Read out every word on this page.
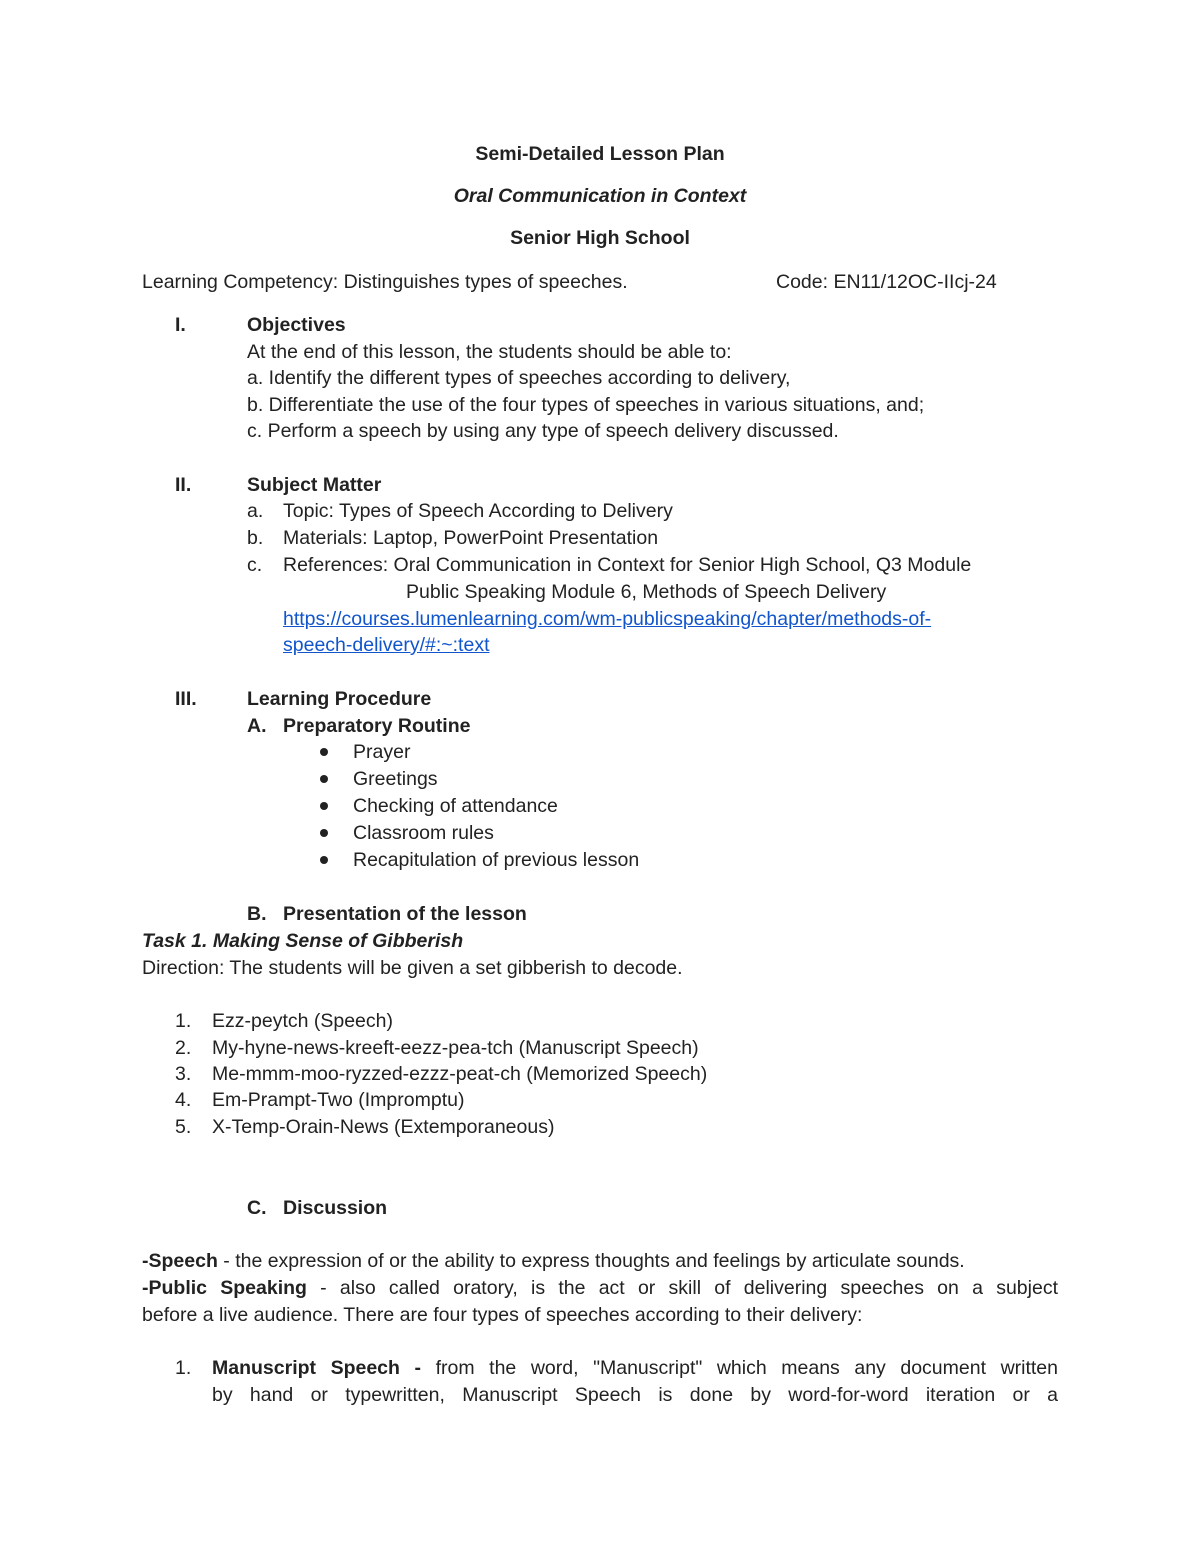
Semi-Detailed Lesson Plan
Oral Communication in Context
Senior High School
Learning Competency: Distinguishes types of speeches.	Code: EN11/12OC-IIcj-24
I.	Objectives
At the end of this lesson, the students should be able to:
a. Identify the different types of speeches according to delivery,
b. Differentiate the use of the four types of speeches in various situations, and;
c. Perform a speech by using any type of speech delivery discussed.
II.	Subject Matter
a. Topic: Types of Speech According to Delivery
b. Materials: Laptop, PowerPoint Presentation
c. References: Oral Communication in Context for Senior High School, Q3 Module
Public Speaking Module 6, Methods of Speech Delivery
https://courses.lumenlearning.com/wm-publicspeaking/chapter/methods-of-
speech-delivery/#:~:text
III.	Learning Procedure
A. Preparatory Routine
Prayer
Greetings
Checking of attendance
Classroom rules
Recapitulation of previous lesson
B. Presentation of the lesson
Task 1. Making Sense of Gibberish
Direction: The students will be given a set gibberish to decode.
1. Ezz-peytch (Speech)
2. My-hyne-news-kreeft-eezz-pea-tch (Manuscript Speech)
3. Me-mmm-moo-ryzzed-ezzz-peat-ch (Memorized Speech)
4. Em-Prampt-Two (Impromptu)
5. X-Temp-Orain-News (Extemporaneous)
C. Discussion
-Speech - the expression of or the ability to express thoughts and feelings by articulate sounds.
-Public Speaking - also called oratory, is the act or skill of delivering speeches on a subject
before a live audience. There are four types of speeches according to their delivery:
1. Manuscript Speech - from the word, "Manuscript" which means any document written
by hand or typewritten, Manuscript Speech is done by word-for-word iteration or a
